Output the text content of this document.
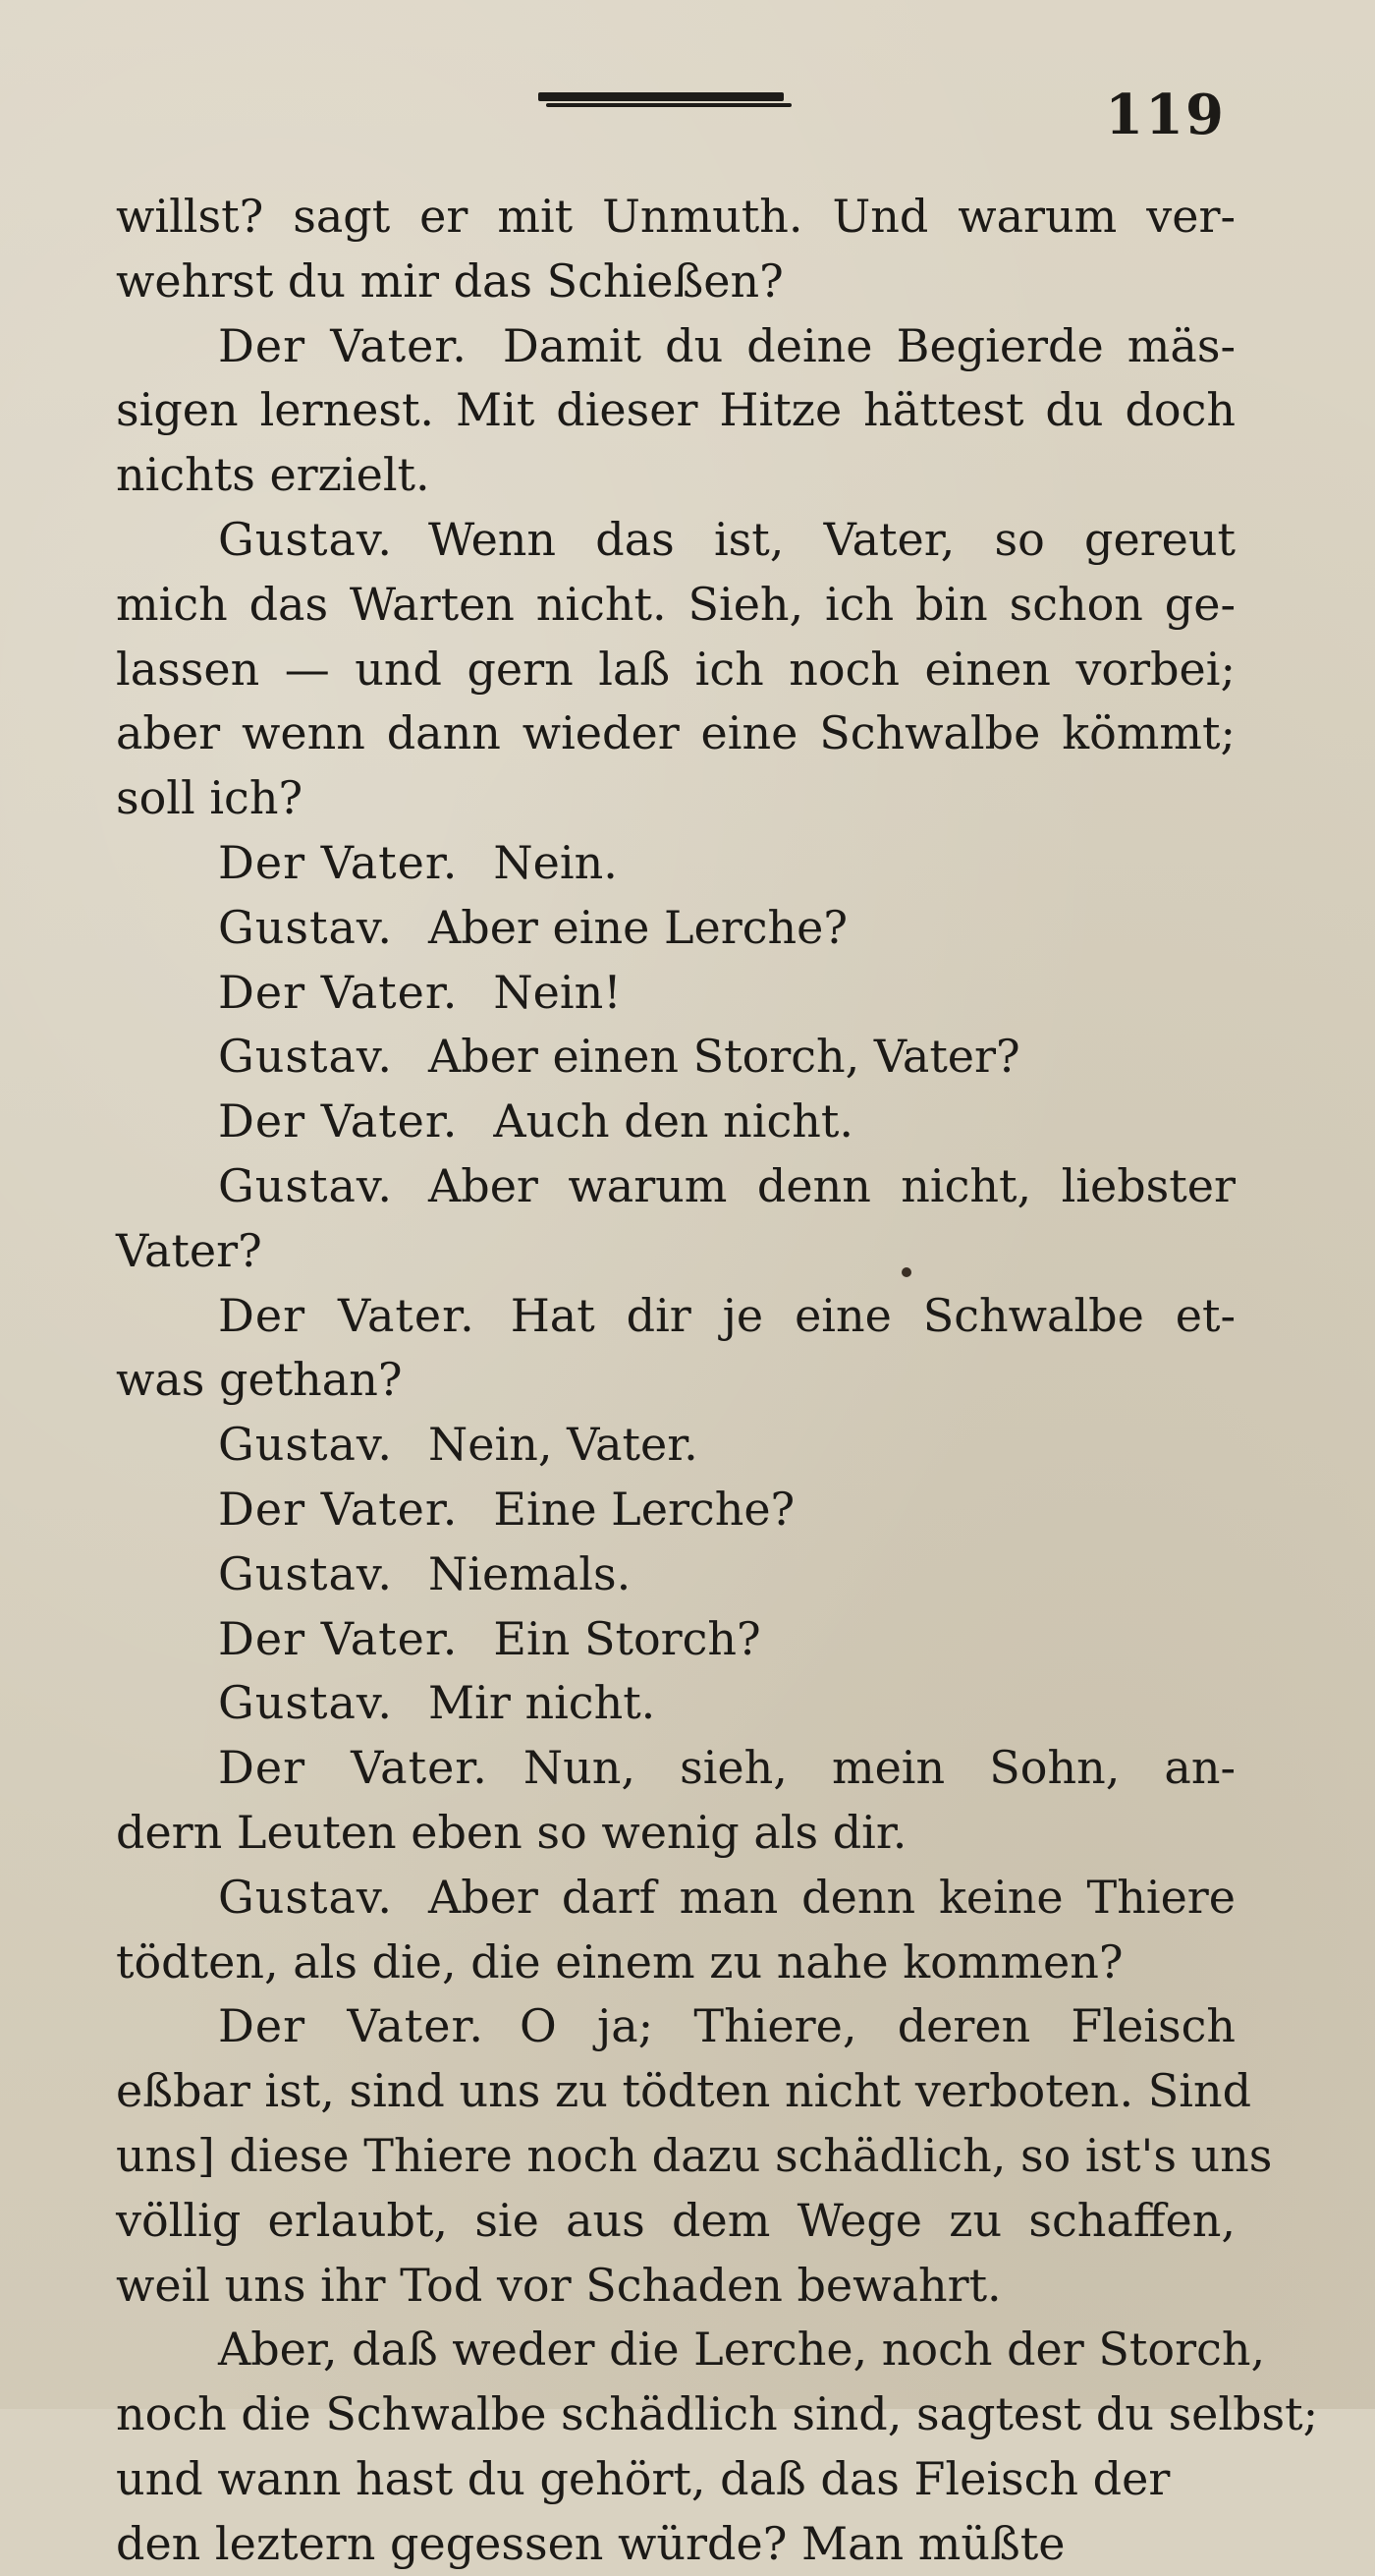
119
willst? sagt er mit Unmuth. Und warum ver-
wehrst du mir das Schießen?
Der Vater. Damit du deine Begierde mäs-
sigen lernest. Mit dieser Hitze hättest du doch
nichts erzielt.
Gustav. Wenn das ist, Vater, so gereut
mich das Warten nicht. Sieh, ich bin schon ge-
lassen — und gern laß ich noch einen vorbei;
aber wenn dann wieder eine Schwalbe kömmt;
soll ich?
Der Vater. Nein.
Gustav. Aber eine Lerche?
Der Vater. Nein!
Gustav. Aber einen Storch, Vater?
Der Vater. Auch den nicht.
Gustav. Aber warum denn nicht, liebster
Vater?
Der Vater. Hat dir je eine Schwalbe et-
was gethan?
Gustav. Nein, Vater.
Der Vater. Eine Lerche?
Gustav. Niemals.
Der Vater. Ein Storch?
Gustav. Mir nicht.
Der Vater. Nun, sieh, mein Sohn, an-
dern Leuten eben so wenig als dir.
Gustav. Aber darf man denn keine Thiere
tödten, als die, die einem zu nahe kommen?
Der Vater. O ja; Thiere, deren Fleisch
eßbar ist, sind uns zu tödten nicht verboten. Sind
uns] diese Thiere noch dazu schädlich, so ist's uns
völlig erlaubt, sie aus dem Wege zu schaffen,
weil uns ihr Tod vor Schaden bewahrt.
Aber, daß weder die Lerche, noch der Storch,
noch die Schwalbe schädlich sind, sagtest du selbst;
und wann hast du gehört, daß das Fleisch der
den leztern gegessen würde? Man müßte
